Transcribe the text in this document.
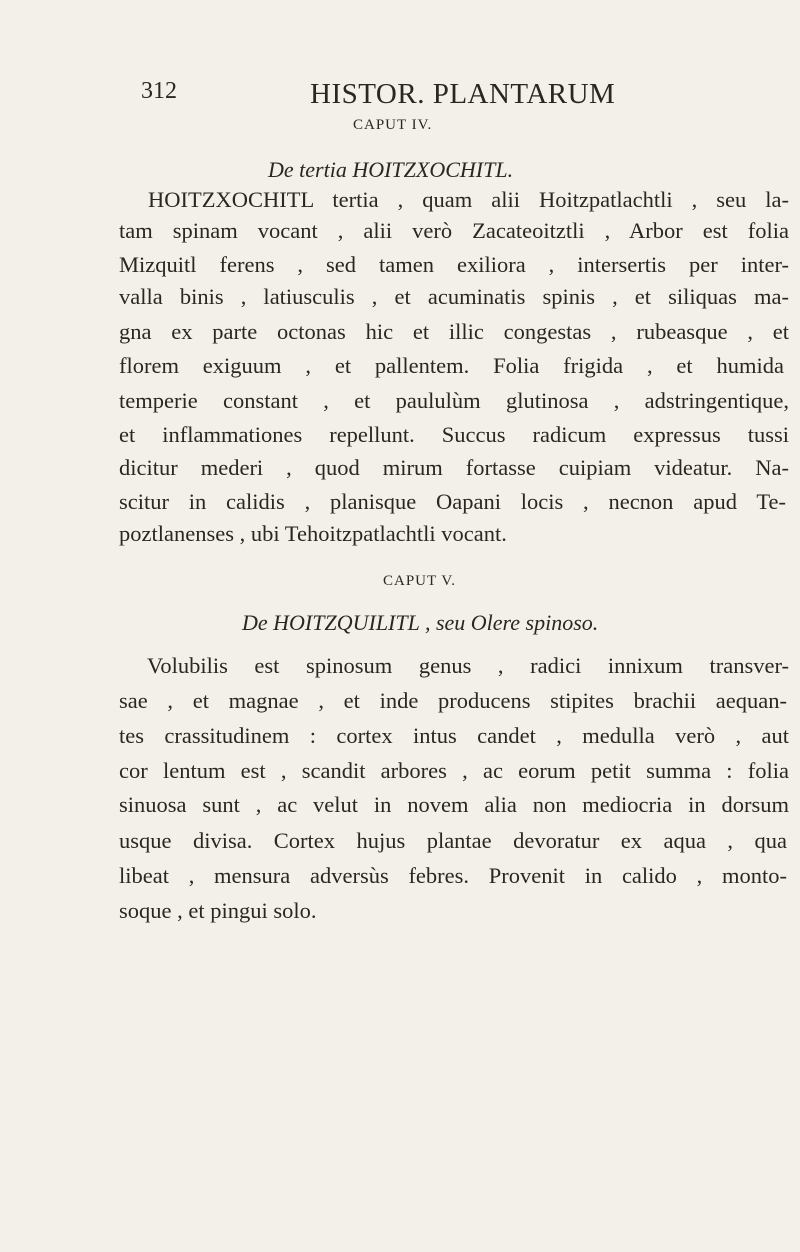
312	HISTOR. PLANTARUM
CAPUT IV.
De tertia HOITZXOCHITL.
HOITZXOCHITL tertia , quam alii Hoitzpatlachtli , seu la-
tam spinam vocant , alii verò Zacateoitztli , Arbor est folia
Mizquitl ferens , sed tamen exiliora , intersertis per inter-
valla binis , latiusculis , et acuminatis spinis , et siliquas ma-
gna ex parte octonas hic et illic congestas , rubeasque , et
florem exiguum , et pallentem. Folia frigida , et humida
temperie constant , et paululùm glutinosa , adstringentique,
et inflammationes repellunt. Succus radicum expressus tussi
dicitur mederi , quod mirum fortasse cuipiam videatur. Na-
scitur in calidis , planisque Oapani locis , necnon apud Te-
poztlanenses , ubi Tehoitzpatlachtli vocant.
CAPUT V.
De HOITZQUILITL , seu Olere spinoso.
Volubilis est spinosum genus , radici innixum transver-
sae , et magnae , et inde producens stipites brachii aequan-
tes crassitudinem : cortex intus candet , medulla verò , aut
cor lentum est , scandit arbores , ac eorum petit summa : folia
sinuosa sunt , ac velut in novem alia non mediocria in dorsum
usque divisa. Cortex hujus plantae devoratur ex aqua , qua
libeat , mensura adversùs febres. Provenit in calido , monto-
soque , et pingui solo.
